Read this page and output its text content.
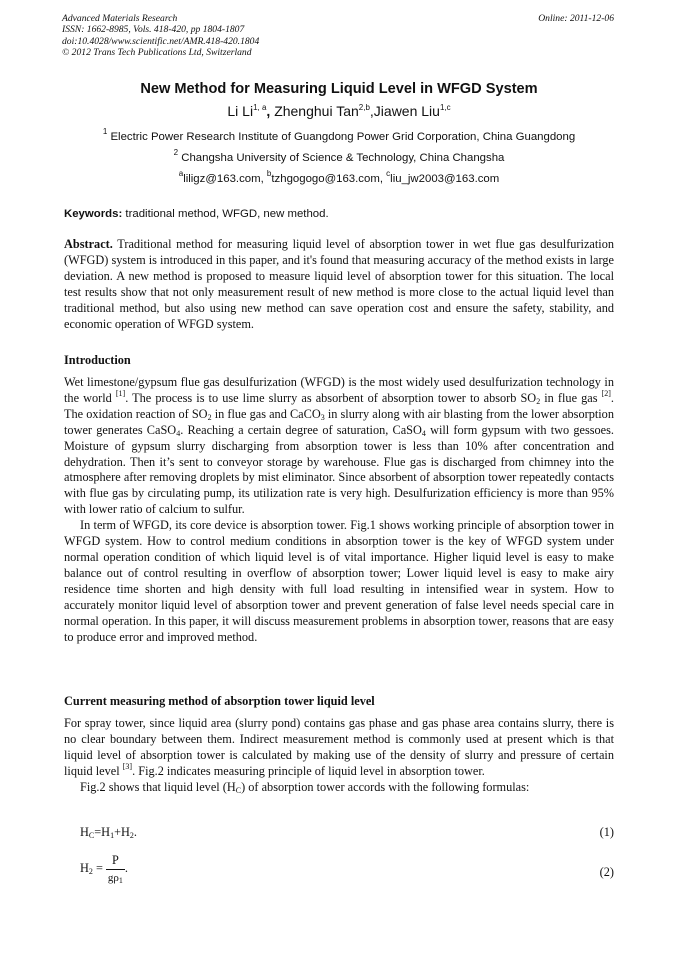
Advanced Materials Research
ISSN: 1662-8985, Vols. 418-420, pp 1804-1807
doi:10.4028/www.scientific.net/AMR.418-420.1804
© 2012 Trans Tech Publications Ltd, Switzerland
Online: 2011-12-06
New Method for Measuring Liquid Level in WFGD System
Li Li$^{1, a}$, Zhenghui Tan$^{2,b}$,Jiawen Liu$^{1,c}$
$^1$ Electric Power Research Institute of Guangdong Power Grid Corporation, China Guangdong
$^2$ Changsha University of Science & Technology, China Changsha
$^a$liligz@163.com, $^b$tzhgogogo@163.com, $^c$liu_jw2003@163.com
Keywords: traditional method, WFGD, new method.

Abstract. Traditional method for measuring liquid level of absorption tower in wet flue gas desulfurization (WFGD) system is introduced in this paper, and it's found that measuring accuracy of the method exists in large deviation. A new method is proposed to measure liquid level of absorption tower for this situation. The local test results show that not only measurement result of new method is more close to the actual liquid level than traditional method, but also using new method can save operation cost and ensure the safety, stability, and economic operation of WFGD system.

Introduction

Wet limestone/gypsum flue gas desulfurization (WFGD) is the most widely used desulfurization technology in the world [1]. The process is to use lime slurry as absorbent of absorption tower to absorb $SO_2$ in flue gas [2]. The oxidation reaction of $SO_2$ in flue gas and CaCO$_3$ in slurry along with air blasting from the lower absorption tower generates CaSO$_4$. Reaching a certain degree of saturation, CaSO$_4$ will form gypsum with two gessoes. Moisture of gypsum slurry discharging from absorption tower is less than 10% after concentration and dehydration. Then it’s sent to conveyor storage by warehouse. Flue gas is discharged from chimney into the atmosphere after removing droplets by mist eliminator. Since absorbent of absorption tower repeatedly contacts with flue gas by circulating pump, its utilization rate is very high. Desulfurization efficiency is more than 95% with lower ratio of calcium to sulfur.

In term of WFGD, its core device is absorption tower. Fig.1 shows working principle of absorption tower in WFGD system. How to control medium conditions in absorption tower is the key of WFGD system under normal operation condition of which liquid level is of vital importance. Higher liquid level is easy to make balance out of control resulting in overflow of absorption tower; Lower liquid level is easy to make airy residence time shorten and high density with full load resulting in intensified wear in system. How to accurately monitor liquid level of absorption tower and prevent generation of false level needs special care in normal operation. In this paper, it will discuss measurement problems in absorption tower, reasons that are easy to produce error and improved method.

Current measuring method of absorption tower liquid level

For spray tower, since liquid area (slurry pond) contains gas phase and gas phase area contains slurry, there is no clear boundary between them. Indirect measurement method is commonly used at present which is that liquid level of absorption tower is calculated by making use of the density of slurry and pressure of certain liquid level [3]. Fig.2 indicates measuring principle of liquid level in absorption tower.

Fig.2 shows that liquid level $(H_C)$ of absorption tower accords with the following formulas:

$H_C=H_1+H_2$.	(1)
$H_2 = \frac{P}{g\rho_1}$ .	(2)
